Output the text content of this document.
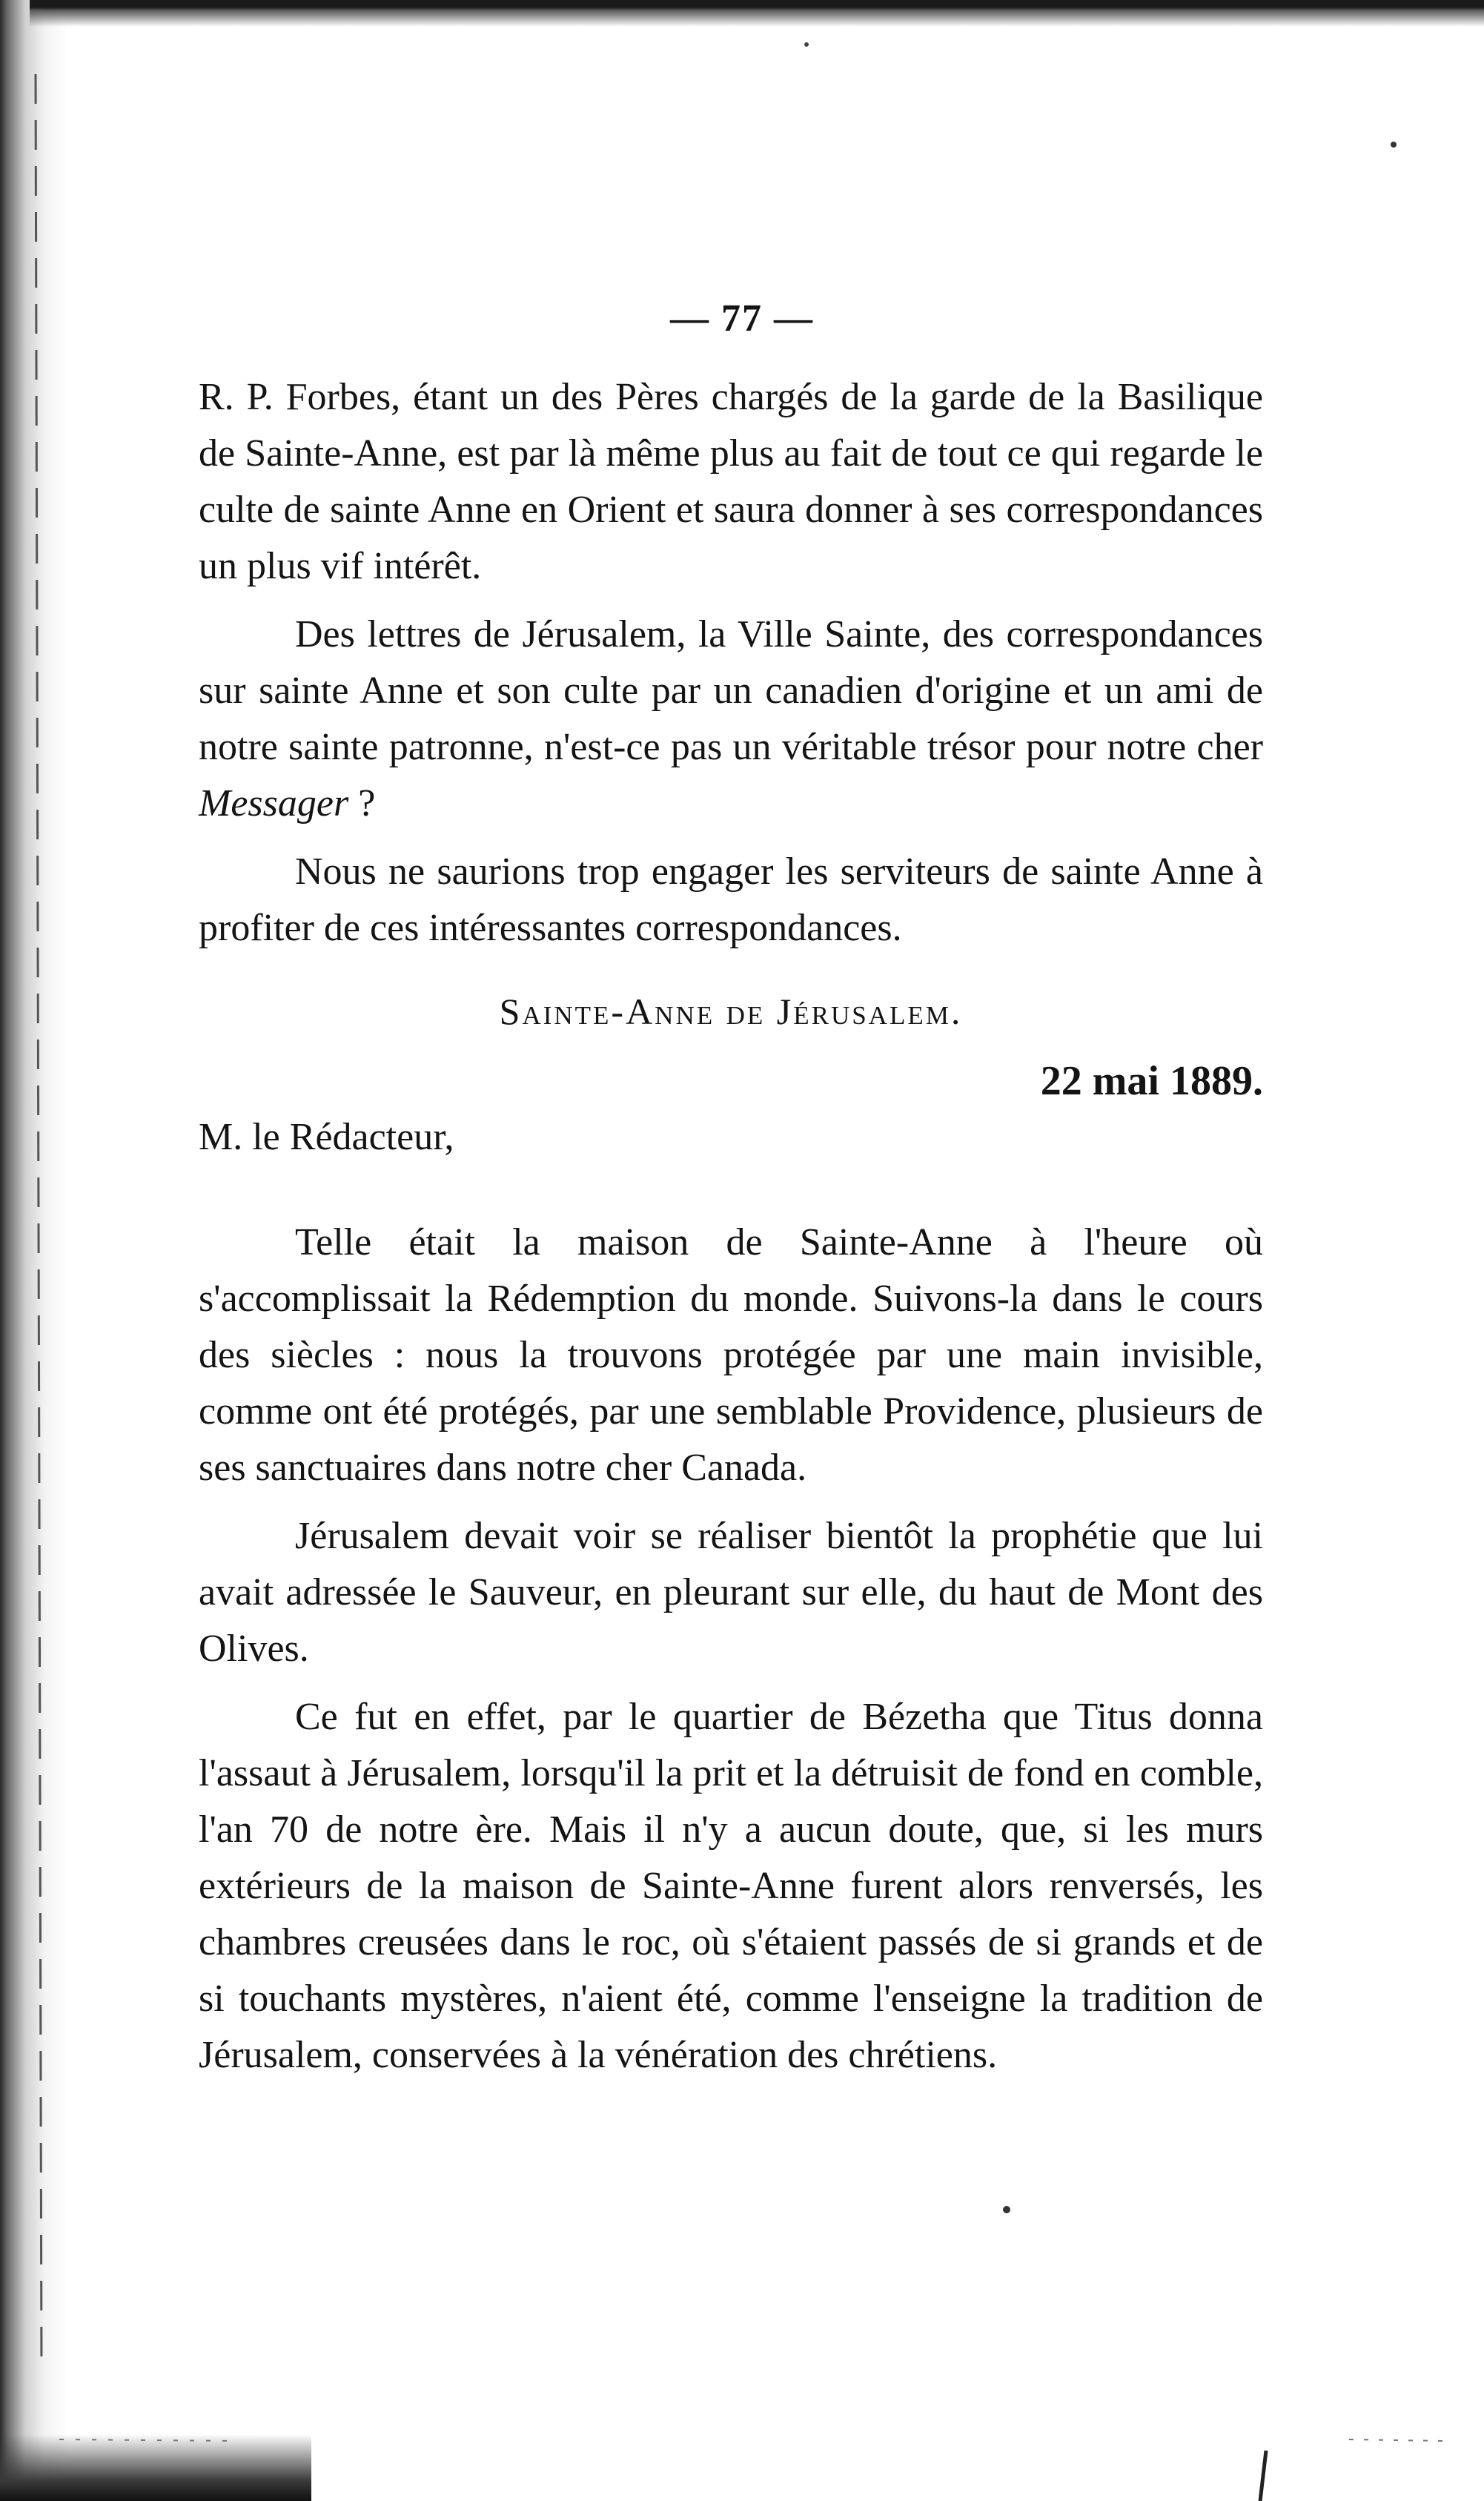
— 77 —

R. P. Forbes, étant un des Pères chargés de la garde de la Basilique de Sainte-Anne, est par là même plus au fait de tout ce qui regarde le culte de sainte Anne en Orient et saura donner à ses correspondances un plus vif intérêt.

Des lettres de Jérusalem, la Ville Sainte, des correspondances sur sainte Anne et son culte par un canadien d'origine et un ami de notre sainte patronne, n'est-ce pas un véritable trésor pour notre cher Messager ?

Nous ne saurions trop engager les serviteurs de sainte Anne à profiter de ces intéressantes correspondances.

Sainte-Anne de Jérusalem.

22 mai 1889.

M. le Rédacteur,

Telle était la maison de Sainte-Anne à l'heure où s'accomplissait la Rédemption du monde. Suivons-la dans le cours des siècles : nous la trouvons protégée par une main invisible, comme ont été protégés, par une semblable Providence, plusieurs de ses sanctuaires dans notre cher Canada.

Jérusalem devait voir se réaliser bientôt la prophétie que lui avait adressée le Sauveur, en pleurant sur elle, du haut de Mont des Olives.

Ce fut en effet, par le quartier de Bézetha que Titus donna l'assaut à Jérusalem, lorsqu'il la prit et la détruisit de fond en comble, l'an 70 de notre ère. Mais il n'y a aucun doute, que, si les murs extérieurs de la maison de Sainte-Anne furent alors renversés, les chambres creusées dans le roc, où s'étaient passés de si grands et de si touchants mystères, n'aient été, comme l'enseigne la tradition de Jérusalem, conservées à la vénération des chrétiens.
